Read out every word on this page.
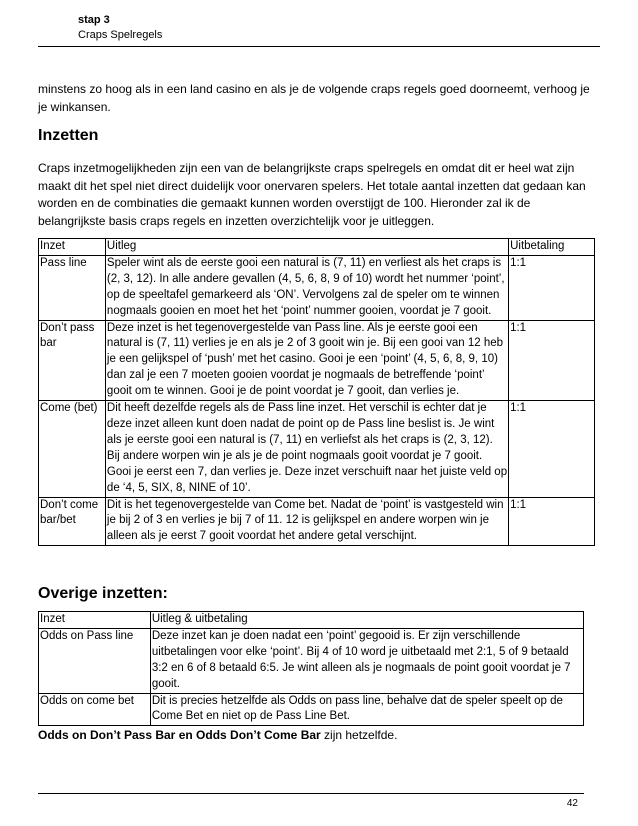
stap 3
Craps Spelregels
minstens zo hoog als in een land casino en als je de volgende craps regels goed doorneemt, verhoog je je winkansen.
Inzetten
Craps inzetmogelijkheden zijn een van de belangrijkste craps spelregels en omdat dit er heel wat zijn maakt dit het spel niet direct duidelijk voor onervaren spelers. Het totale aantal inzetten dat gedaan kan worden en de combinaties die gemaakt kunnen worden overstijgt de 100. Hieronder zal ik de belangrijkste basis craps regels en inzetten overzichtelijk voor je uitleggen.
Inzet	Uitleg	Uitbetaling
Pass line	Speler wint als de eerste gooi een natural is (7, 11) en verliest als het craps is (2, 3, 12). In alle andere gevallen (4, 5, 6, 8, 9 of 10) wordt het nummer ‘point’, op de speeltafel gemarkeerd als ‘ON’. Vervolgens zal de speler om te winnen nogmaals gooien en moet het het ‘point’ nummer gooien, voordat je 7 gooit.	1:1
Don’t pass bar	Deze inzet is het tegenovergestelde van Pass line. Als je eerste gooi een natural is (7, 11) verlies je en als je 2 of 3 gooit win je. Bij een gooi van 12 heb je een gelijkspel of ‘push’ met het casino. Gooi je een ‘point’ (4, 5, 6, 8, 9, 10) dan zal je een 7 moeten gooien voordat je nogmaals de betreffende ‘point’ gooit om te winnen. Gooi je de point voordat je 7 gooit, dan verlies je.	1:1
Come (bet)	Dit heeft dezelfde regels als de Pass line inzet. Het verschil is echter dat je deze inzet alleen kunt doen nadat de point op de Pass line beslist is. Je wint als je eerste gooi een natural is (7, 11) en verliefst als het craps is (2, 3, 12). Bij andere worpen win je als je de point nogmaals gooit voordat je 7 gooit. Gooi je eerst een 7, dan verlies je. Deze inzet verschuift naar het juiste veld op de ‘4, 5, SIX, 8, NINE of 10’.	1:1
Don’t come bar/bet	Dit is het tegenovergestelde van Come bet. Nadat de ‘point’ is vastgesteld win je bij 2 of 3 en verlies je bij 7 of 11. 12 is gelijkspel en andere worpen win je alleen als je eerst 7 gooit voordat het andere getal verschijnt.	1:1
Overige inzetten:
Inzet	Uitleg & uitbetaling
Odds on Pass line	Deze inzet kan je doen nadat een ‘point’ gegooid is. Er zijn verschillende uitbetalingen voor elke ‘point’. Bij 4 of 10 word je uitbetaald met 2:1, 5 of 9 betaald 3:2 en 6 of 8 betaald 6:5. Je wint alleen als je nogmaals de point gooit voordat je 7 gooit.
Odds on come bet	Dit is precies hetzelfde als Odds on pass line, behalve dat de speler speelt op de Come Bet en niet op de Pass Line Bet.
Odds on Don’t Pass Bar en Odds Don’t Come Bar zijn hetzelfde.
42
